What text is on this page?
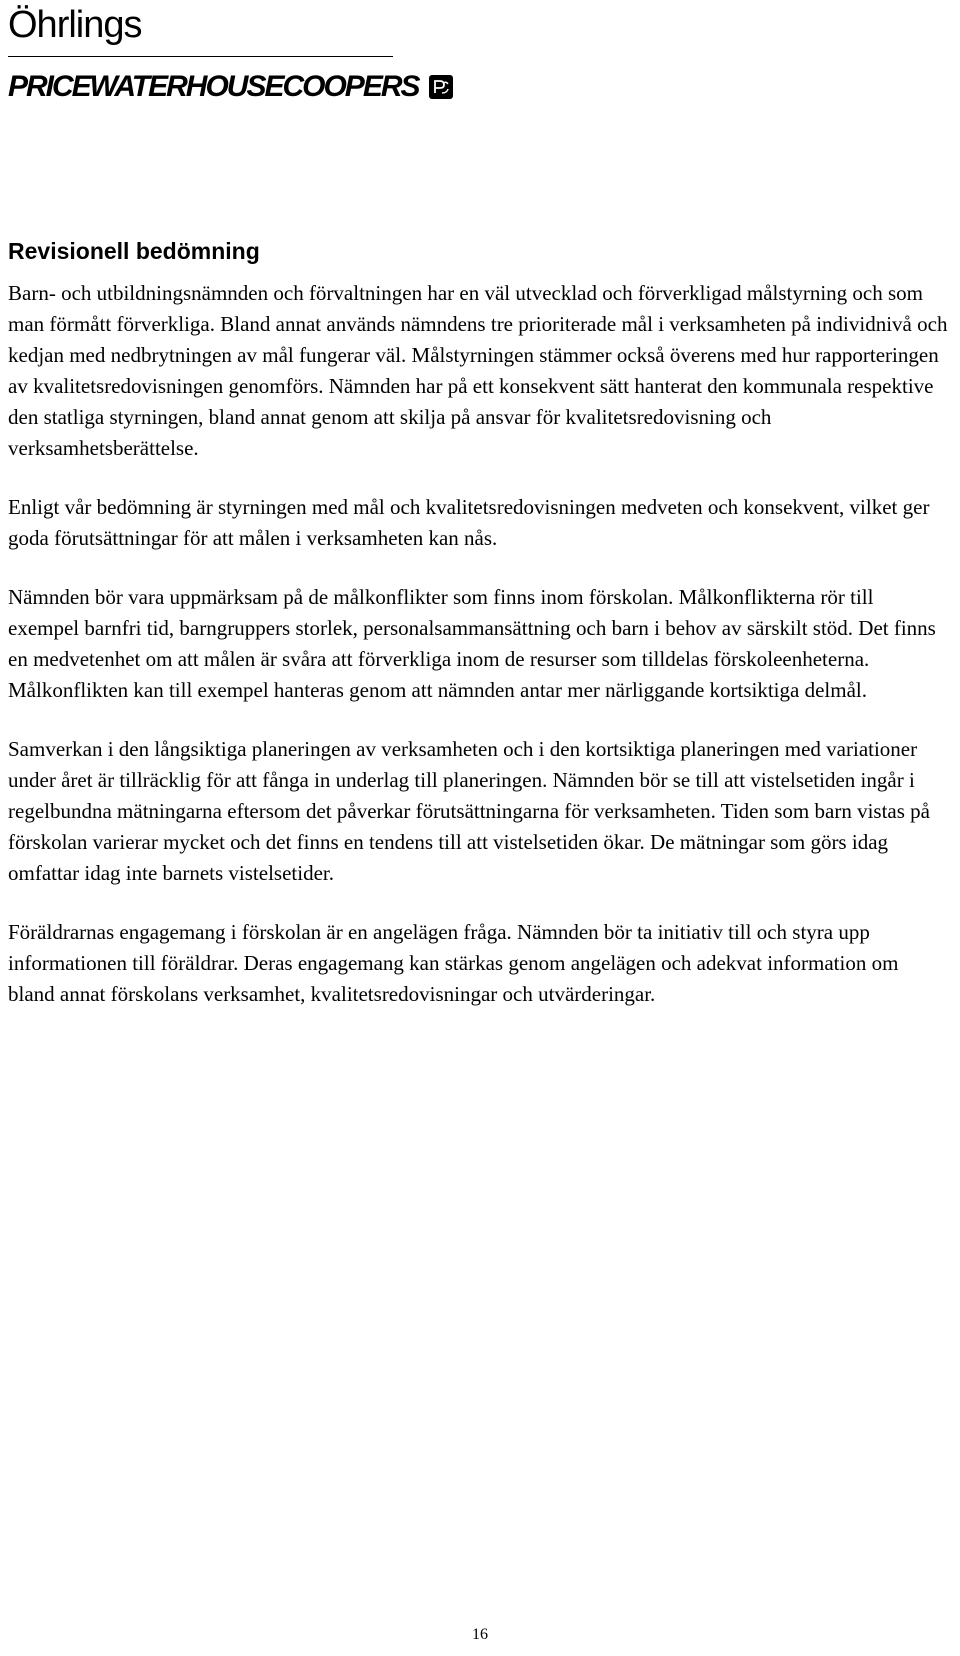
Öhrlings
PRICEWATERHOUSECOOPERS
Revisionell bedömning

Barn- och utbildningsnämnden och förvaltningen har en väl utvecklad och förverkligad målstyrning och som man förmått förverkliga. Bland annat används nämndens tre prioriterade mål i verksamheten på individnivå och kedjan med nedbrytningen av mål fungerar väl. Målstyrningen stämmer också överens med hur rapporteringen av kvalitetsredovisningen genomförs. Nämnden har på ett konsekvent sätt hanterat den kommunala respektive den statliga styrningen, bland annat genom att skilja på ansvar för kvalitetsredovisning och verksamhetsberättelse.

Enligt vår bedömning är styrningen med mål och kvalitetsredovisningen medveten och konsekvent, vilket ger goda förutsättningar för att målen i verksamheten kan nås.

Nämnden bör vara uppmärksam på de målkonflikter som finns inom förskolan. Målkonflikterna rör till exempel barnfri tid, barngruppers storlek, personalsammansättning och barn i behov av särskilt stöd. Det finns en medvetenhet om att målen är svåra att förverkliga inom de resurser som tilldelas förskoleenheterna. Målkonflikten kan till exempel hanteras genom att nämnden antar mer närliggande kortsiktiga delmål.

Samverkan i den långsiktiga planeringen av verksamheten och i den kortsiktiga planeringen med variationer under året är tillräcklig för att fånga in underlag till planeringen. Nämnden bör se till att vistelsetiden ingår i regelbundna mätningarna eftersom det påverkar förutsättningarna för verksamheten. Tiden som barn vistas på förskolan varierar mycket och det finns en tendens till att vistelsetiden ökar. De mätningar som görs idag omfattar idag inte barnets vistelsetider.

Föräldrarnas engagemang i förskolan är en angelägen fråga. Nämnden bör ta initiativ till och styra upp informationen till föräldrar. Deras engagemang kan stärkas genom angelägen och adekvat information om bland annat förskolans verksamhet, kvalitetsredovisningar och utvärderingar.

16
